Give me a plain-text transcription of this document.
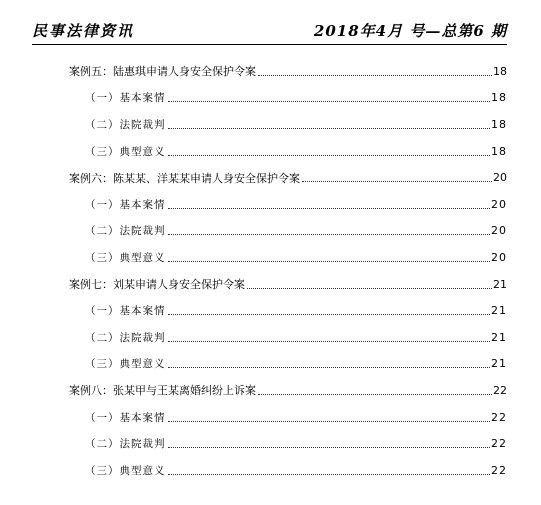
民事法律资讯	2018年4月 号—总第6 期
案例五：陆惠琪申请人身安全保护令案	18
（一）基本案情	18
（二）法院裁判	18
（三）典型意义	18
案例六：陈某某、洋某某申请人身安全保护令案	20
（一）基本案情	20
（二）法院裁判	20
（三）典型意义	20
案例七：刘某申请人身安全保护令案	21
（一）基本案情	21
（二）法院裁判	21
（三）典型意义	21
案例八：张某甲与王某离婚纠纷上诉案	22
（一）基本案情	22
（二）法院裁判	22
（三）典型意义	22
